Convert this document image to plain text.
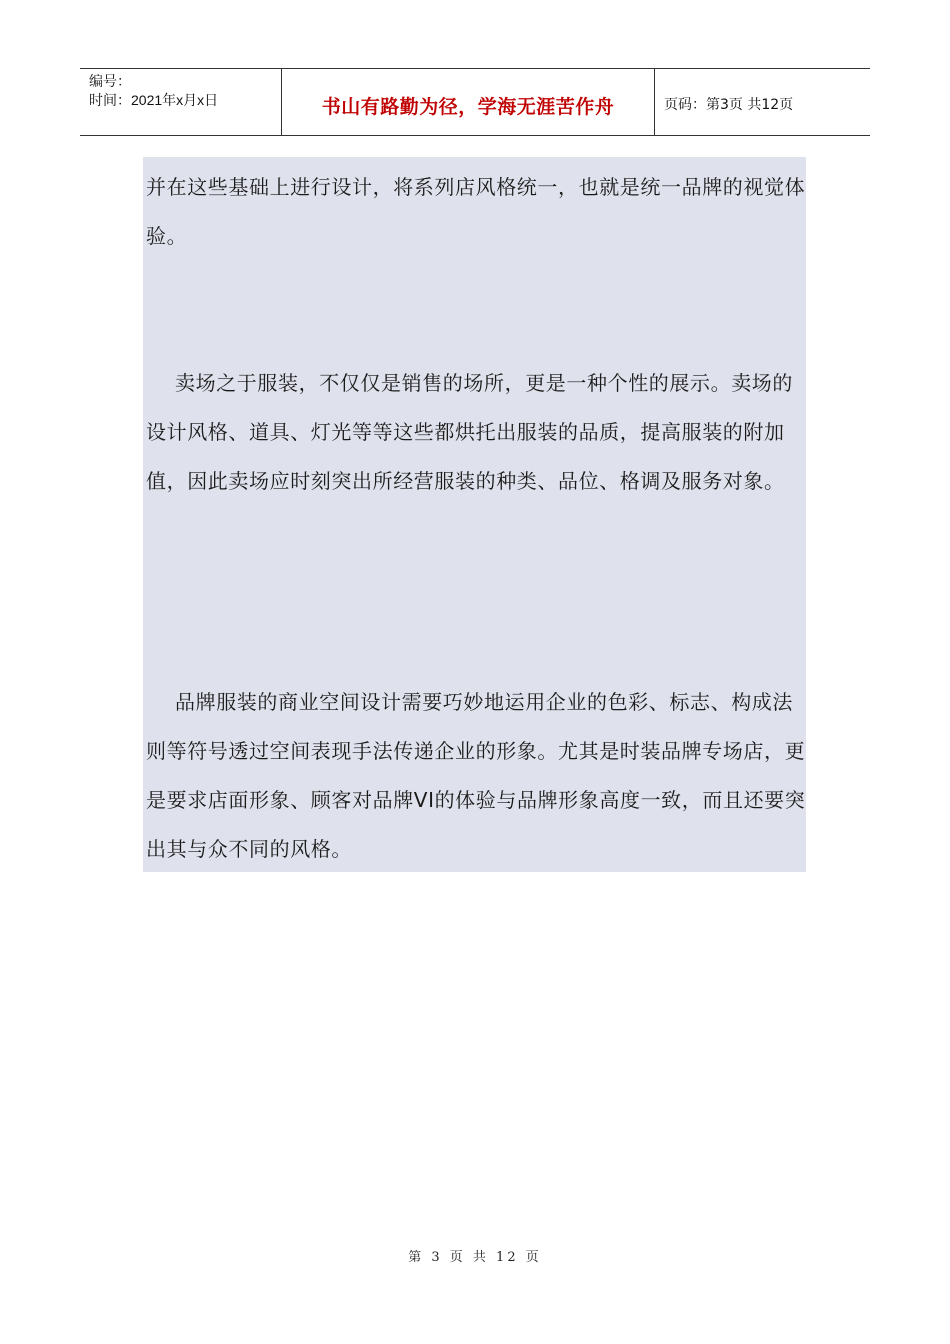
编号：
时间：2021年x月x日	书山有路勤为径，学海无涯苦作舟	页码：第3页 共12页

并在这些基础上进行设计，将系列店风格统一，也就是统一品牌的视觉体验。

卖场之于服装，不仅仅是销售的场所，更是一种个性的展示。卖场的设计风格、道具、灯光等等这些都烘托出服装的品质，提高服装的附加值，因此卖场应时刻突出所经营服装的种类、品位、格调及服务对象。

品牌服装的商业空间设计需要巧妙地运用企业的色彩、标志、构成法则等符号透过空间表现手法传递企业的形象。尤其是时装品牌专场店，更是要求店面形象、顾客对品牌VI的体验与品牌形象高度一致，而且还要突出其与众不同的风格。

第 3 页 共 12 页
